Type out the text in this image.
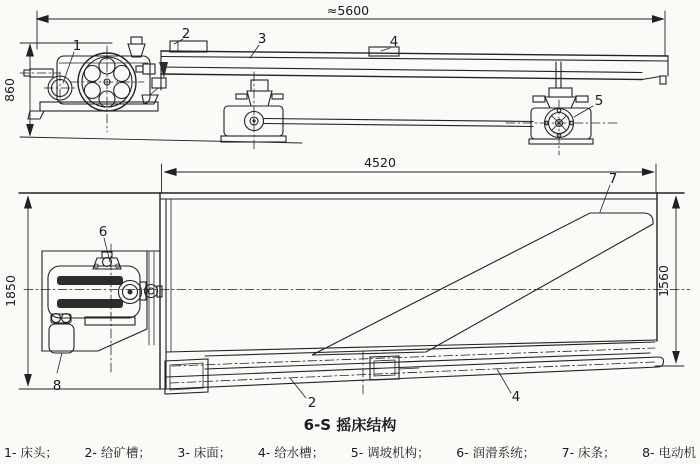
≈5600
860
1
2	3	4
5
4520
1850	1560
7
6
8
2	4
6-S 摇床结构
1- 床头； 2- 给矿槽； 3- 床面； 4- 给水槽； 5- 调坡机构； 6- 润滑系统； 7- 床条； 8- 电动机
